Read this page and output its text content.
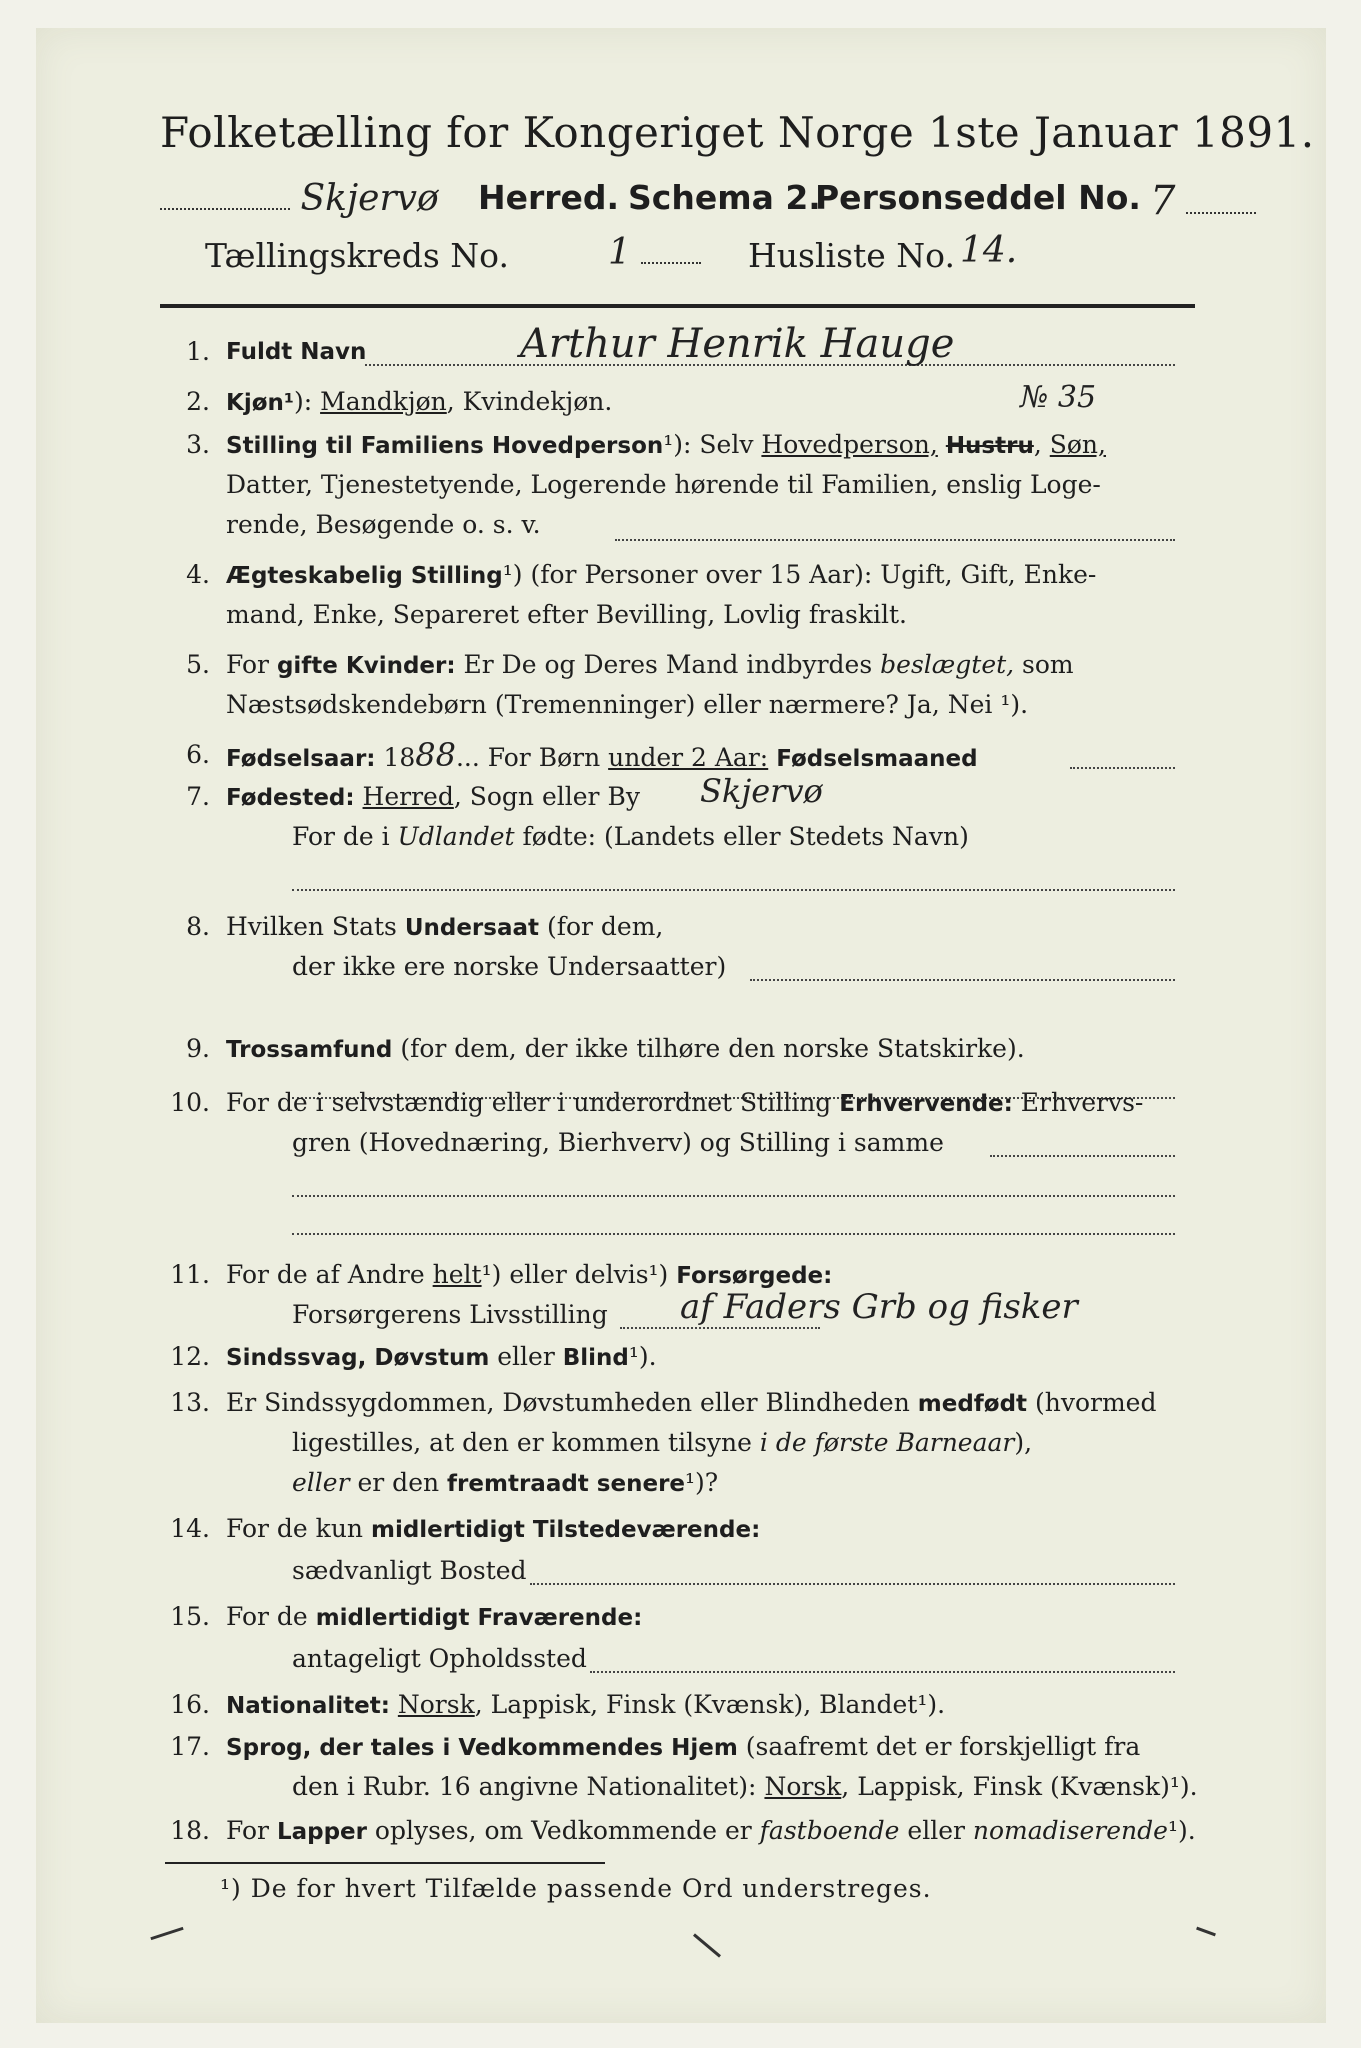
Folketælling for Kongeriget Norge 1ste Januar 1891.
Skjervø	Herred. Schema 2.
Personseddel No. 7
Tællingskreds No.	1	Husliste No. 14.
1. Fuldt Navn	Arthur Henrik Hauge
2. Kjøn¹): Mandkjøn, Kvindekjøn.	№ 35
3. Stilling til Familiens Hovedperson¹): Selv Hovedperson, Hustru, Søn,
Datter, Tjenestetyende, Logerende hørende til Familien, enslig Loge-
rende, Besøgende o. s. v.
4. Ægteskabelig Stilling¹) (for Personer over 15 Aar): Ugift, Gift, Enke-
mand, Enke, Separeret efter Bevilling, Lovlig fraskilt.
5. For gifte Kvinder: Er De og Deres Mand indbyrdes beslægtet, som
Næstsødskendebørn (Tremenninger) eller nærmere? Ja, Nei ¹).
6. Fødselsaar: 1888... For Børn under 2 Aar: Fødselsmaaned
7. Fødested: Herred, Sogn eller By Skjervø
For de i Udlandet fødte: (Landets eller Stedets Navn)
8. Hvilken Stats Undersaat (for dem,
der ikke ere norske Undersaatter)
9. Trossamfund (for dem, der ikke tilhøre den norske Statskirke).
10. For de i selvstændig eller i underordnet Stilling Erhvervende: Erhvervs-
gren (Hovednæring, Bierhverv) og Stilling i samme
11. For de af Andre helt¹) eller delvis¹) Forsørgede:
Forsørgerens Livsstilling af Faders Grb og fisker
12. Sindssvag, Døvstum eller Blind¹).
13. Er Sindssygdommen, Døvstumheden eller Blindheden medfødt (hvormed
ligestilles, at den er kommen tilsyne i de første Barneaar),
eller er den fremtraadt senere¹)?
14. For de kun midlertidigt Tilstedeværende:
sædvanligt Bosted
15. For de midlertidigt Fraværende:
antageligt Opholdssted
16. Nationalitet: Norsk, Lappisk, Finsk (Kvænsk), Blandet¹).
17. Sprog, der tales i Vedkommendes Hjem (saafremt det er forskjelligt fra
den i Rubr. 16 angivne Nationalitet): Norsk, Lappisk, Finsk (Kvænsk)¹).
18. For Lapper oplyses, om Vedkommende er fastboende eller nomadiserende¹).
¹) De for hvert Tilfælde passende Ord understreges.
